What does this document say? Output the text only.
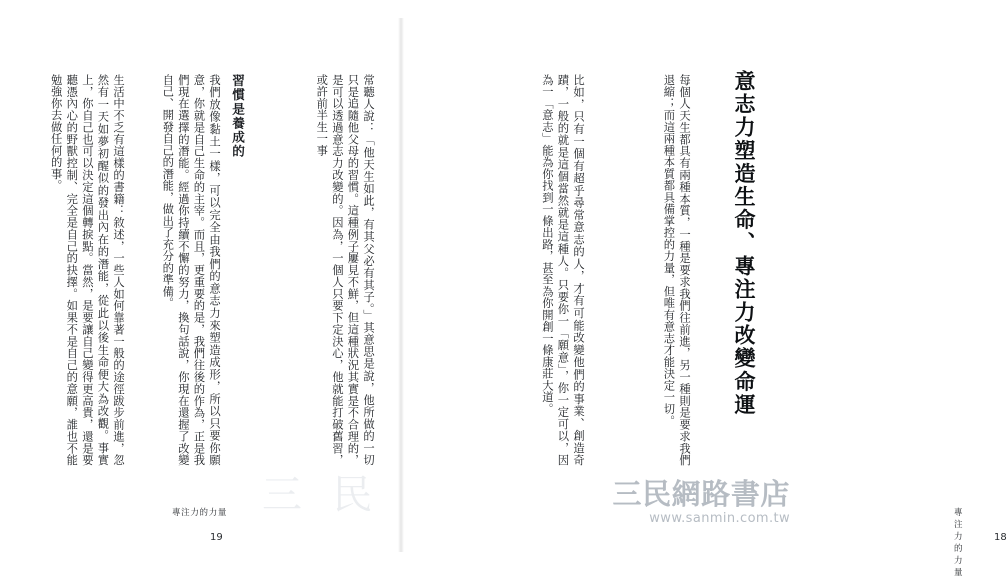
生活中不乏有這樣的書籍：敘述，一些人如何靠著一般的途徑跋步前進，忽然有一天如夢初醒似的發出內在的潛能，從此以後生命便大為改觀。事實上，你自己也可以決定這個轉捩點。當然，是要讓自己變得更高貴，還是要聽憑內心的野獸控制、完全是自己的抉擇。如果不是自己的意願，誰也不能勉強你去做任何的事。	我們放像黏土一樣，可以完全由我們的意志力來塑造成形，所以只要你願意，你就是自己生命的主宰。而且，更重要的是，我們往後的作為，正是我們現在選擇的潛能。經過你持續不懈的努力，換句話說，你現在還握了改變自己、開發自己的潛能，做出了充分的準備。	習慣是養成的	常聽人說：「他天生如此，有其父必有其子。」其意思是說，他所做的一切只是追隨他父母的習慣。這種例子屢見不鮮，但這種狀況其實是不合理的，是可以透過意志力改變的。因為，一個人只要下定決心，他就能打破舊習，或許前半生一事
專注力的力量
19
意志力塑造生命、專注力改變命運
每個人天生都具有兩種本質，一種是要求我們往前進，另一種則是要求我們退縮；而這兩種本質都具備掌控的力量，但唯有意志才能決定一切。
比如，只有一個有超乎尋常意志的人，才有可能改變他們的事業、創造奇蹟，一般的就是這個當然就是這種人。只要你一「願意」，你一定可以，因為一「意志」能為你找到一條出路，甚至為你開創一條康莊大道。
專注力的力量
18
三 民	三民網路書店
www.sanmin.com.tw
